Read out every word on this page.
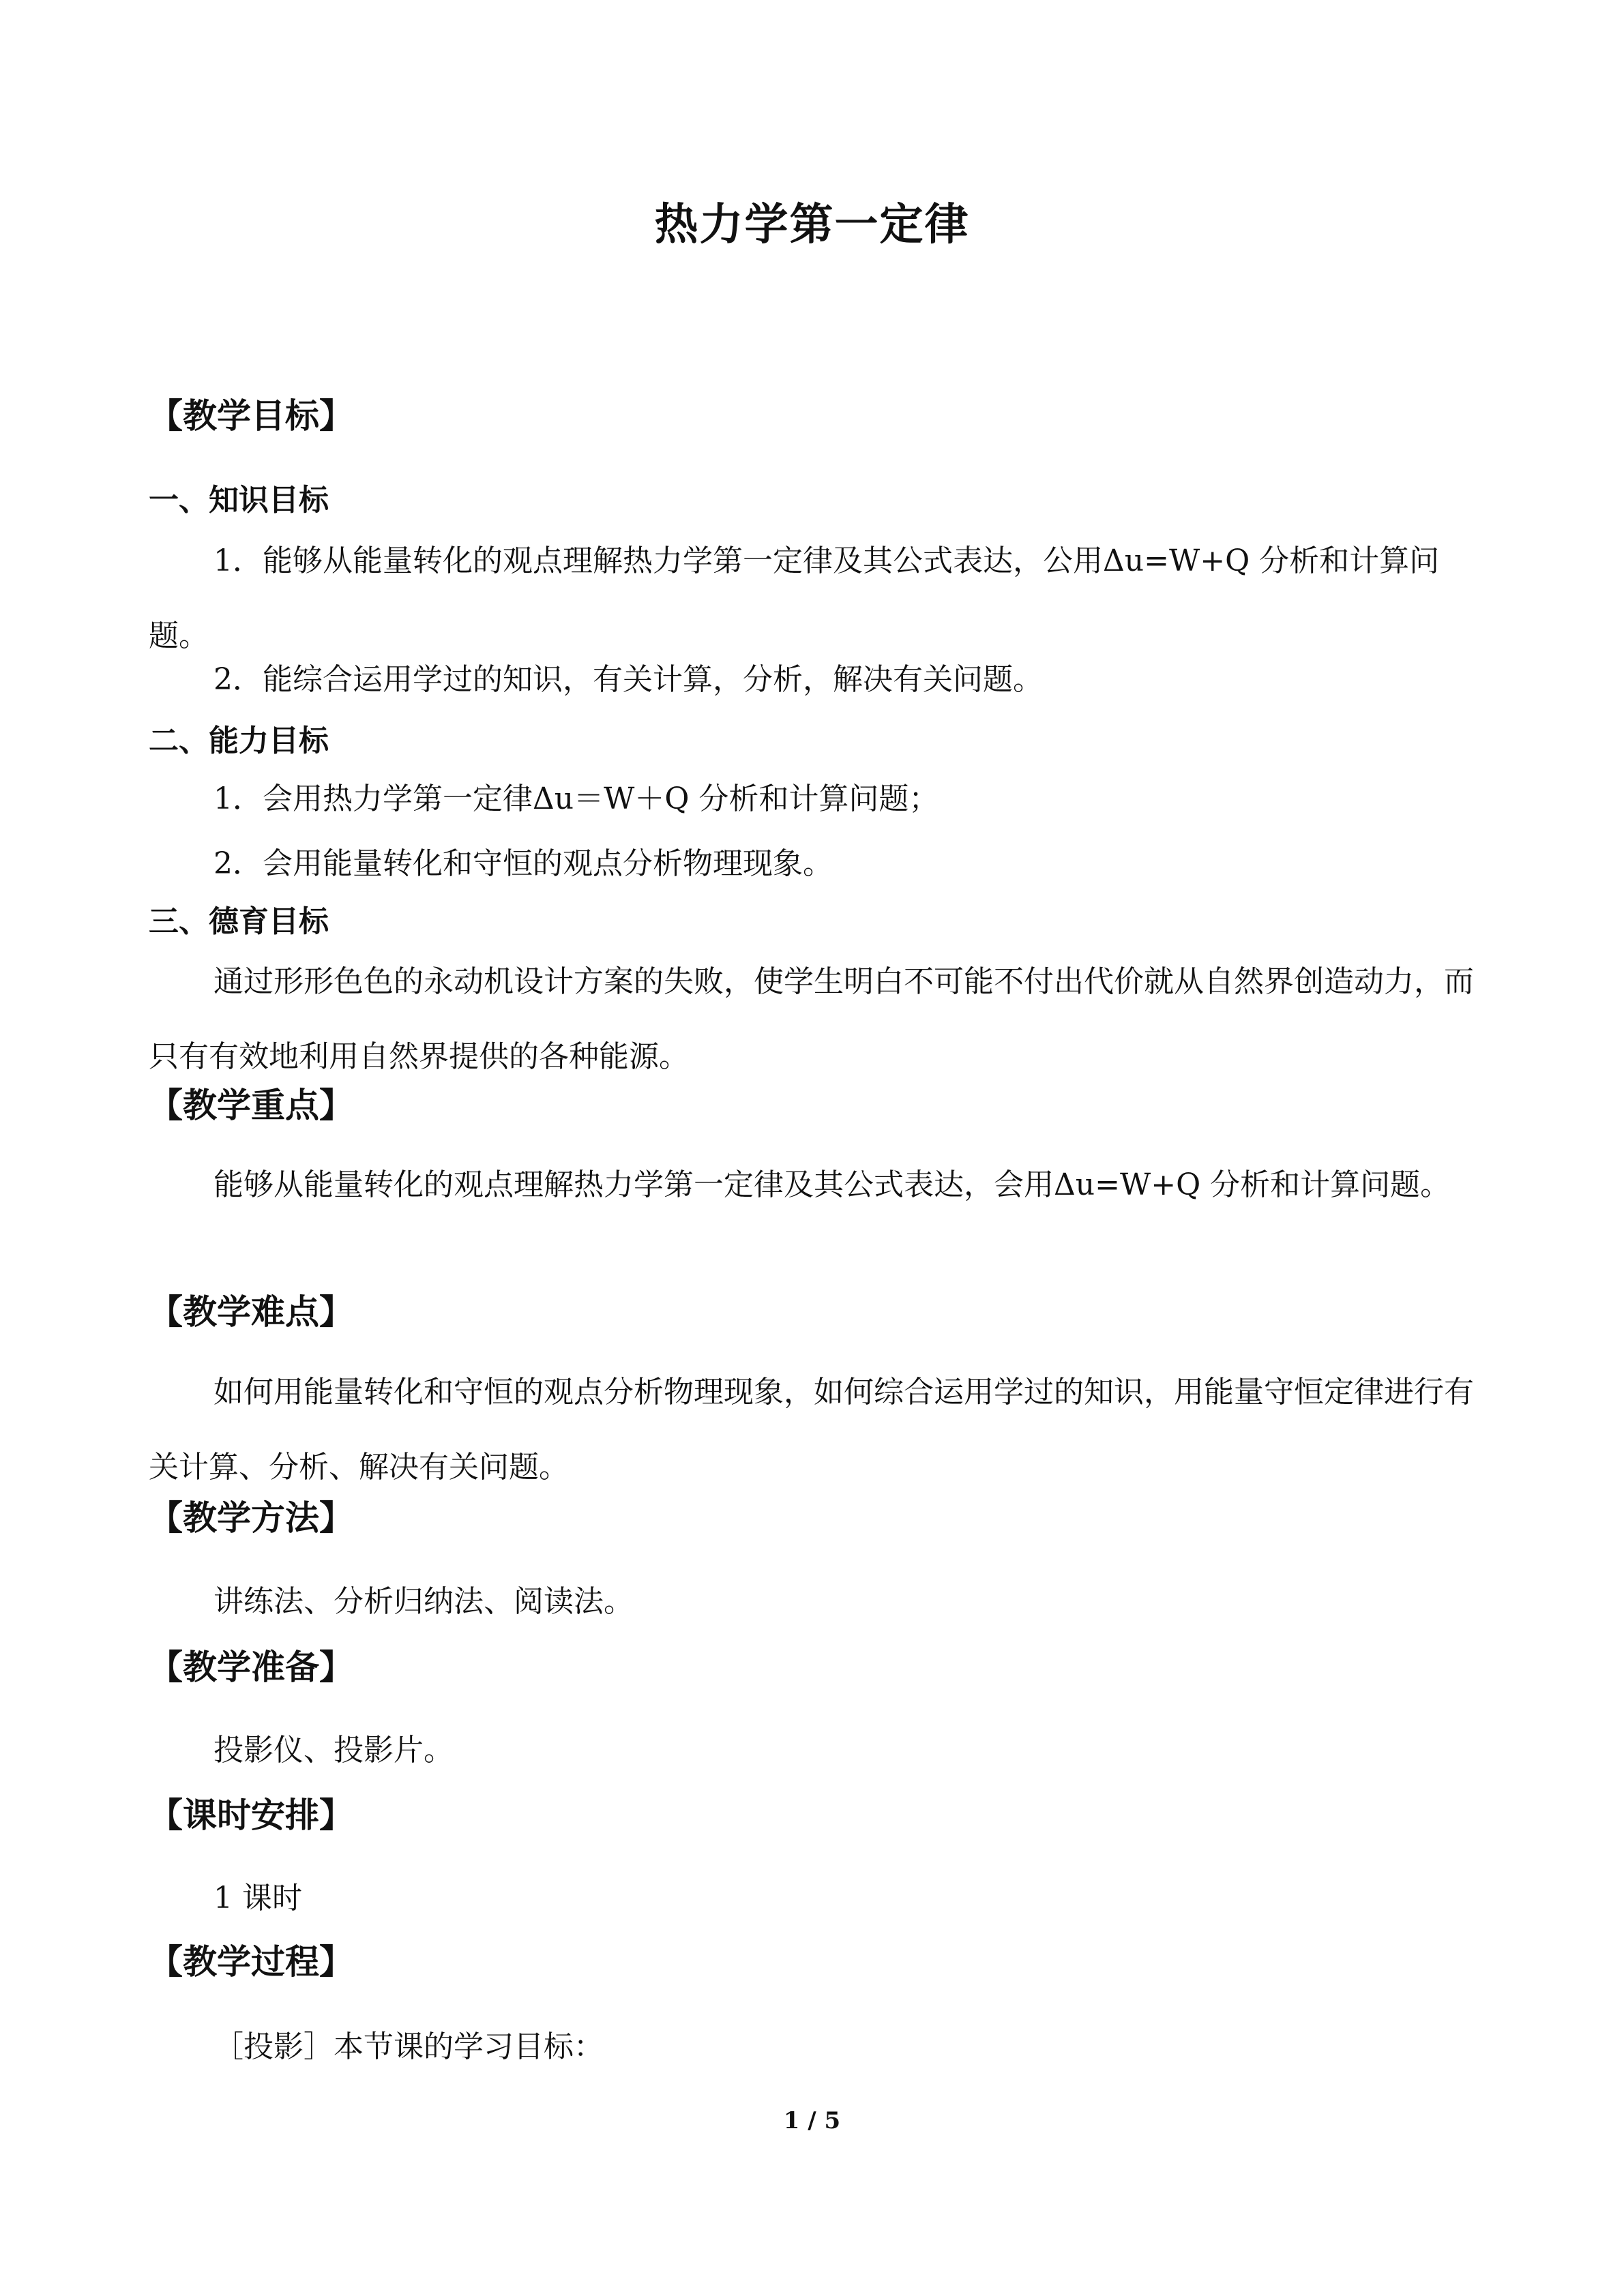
热力学第一定律
【教学目标】
一、知识目标

1．能够从能量转化的观点理解热力学第一定律及其公式表达，公用Δu=W+Q 分析和计算问题。

2．能综合运用学过的知识，有关计算，分析，解决有关问题。

二、能力目标

1．会用热力学第一定律Δu＝W＋Q 分析和计算问题；

2．会用能量转化和守恒的观点分析物理现象。

三、德育目标

通过形形色色的永动机设计方案的失败，使学生明白不可能不付出代价就从自然界创造动力，而只有有效地利用自然界提供的各种能源。

【教学重点】

能够从能量转化的观点理解热力学第一定律及其公式表达，会用Δu=W+Q 分析和计算问题。

【教学难点】

如何用能量转化和守恒的观点分析物理现象，如何综合运用学过的知识，用能量守恒定律进行有关计算、分析、解决有关问题。

【教学方法】

讲练法、分析归纳法、阅读法。

【教学准备】

投影仪、投影片。

【课时安排】

1 课时

【教学过程】

［投影］本节课的学习目标：

1 / 5
